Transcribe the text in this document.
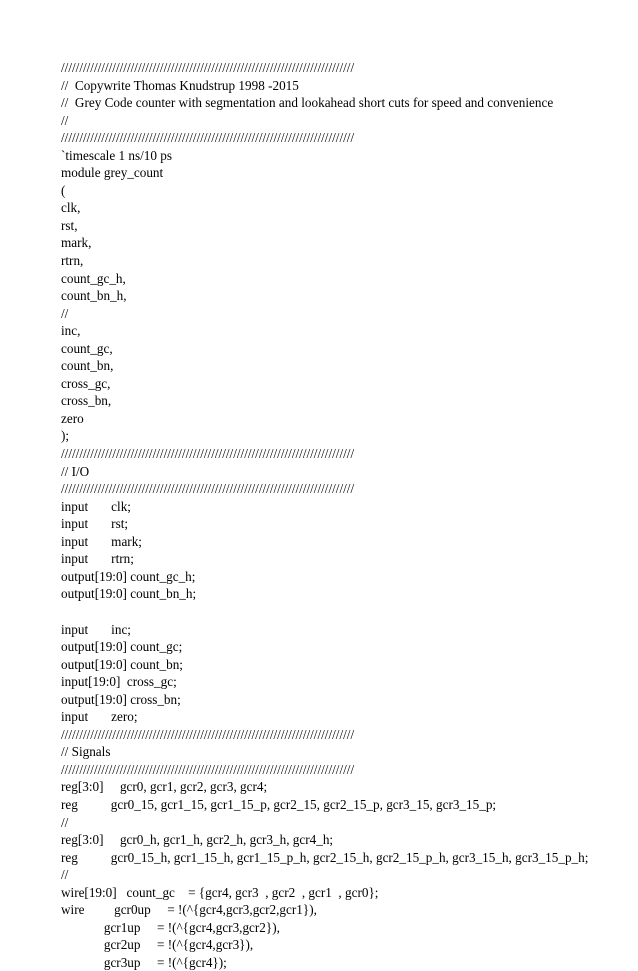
////////////////////////////////////////////////////////////////////////////////
//  Copywrite Thomas Knudstrup 1998 -2015
//  Grey Code counter with segmentation and lookahead short cuts for speed and convenience
//
////////////////////////////////////////////////////////////////////////////////
`timescale 1 ns/10 ps
module grey_count
(
clk,
rst,
mark,
rtrn,
count_gc_h,
count_bn_h,
//
inc,
count_gc,
count_bn,
cross_gc,
cross_bn,
zero
);
////////////////////////////////////////////////////////////////////////////////
// I/O
////////////////////////////////////////////////////////////////////////////////
input       clk;
input       rst;
input       mark;
input       rtrn;
output[19:0] count_gc_h;
output[19:0] count_bn_h;
input       inc;
output[19:0] count_gc;
output[19:0] count_bn;
input[19:0]  cross_gc;
output[19:0] cross_bn;
input       zero;
////////////////////////////////////////////////////////////////////////////////
// Signals
////////////////////////////////////////////////////////////////////////////////
reg[3:0]     gcr0, gcr1, gcr2, gcr3, gcr4;
reg          gcr0_15, gcr1_15, gcr1_15_p, gcr2_15, gcr2_15_p, gcr3_15, gcr3_15_p;
//
reg[3:0]     gcr0_h, gcr1_h, gcr2_h, gcr3_h, gcr4_h;
reg          gcr0_15_h, gcr1_15_h, gcr1_15_p_h, gcr2_15_h, gcr2_15_p_h, gcr3_15_h, gcr3_15_p_h;
//
wire[19:0]   count_gc    = {gcr4, gcr3  , gcr2  , gcr1  , gcr0};
wire         gcr0up     = !(^{gcr4,gcr3,gcr2,gcr1}),
gcr1up     = !(^{gcr4,gcr3,gcr2}),
gcr2up     = !(^{gcr4,gcr3}),
gcr3up     = !(^{gcr4});
